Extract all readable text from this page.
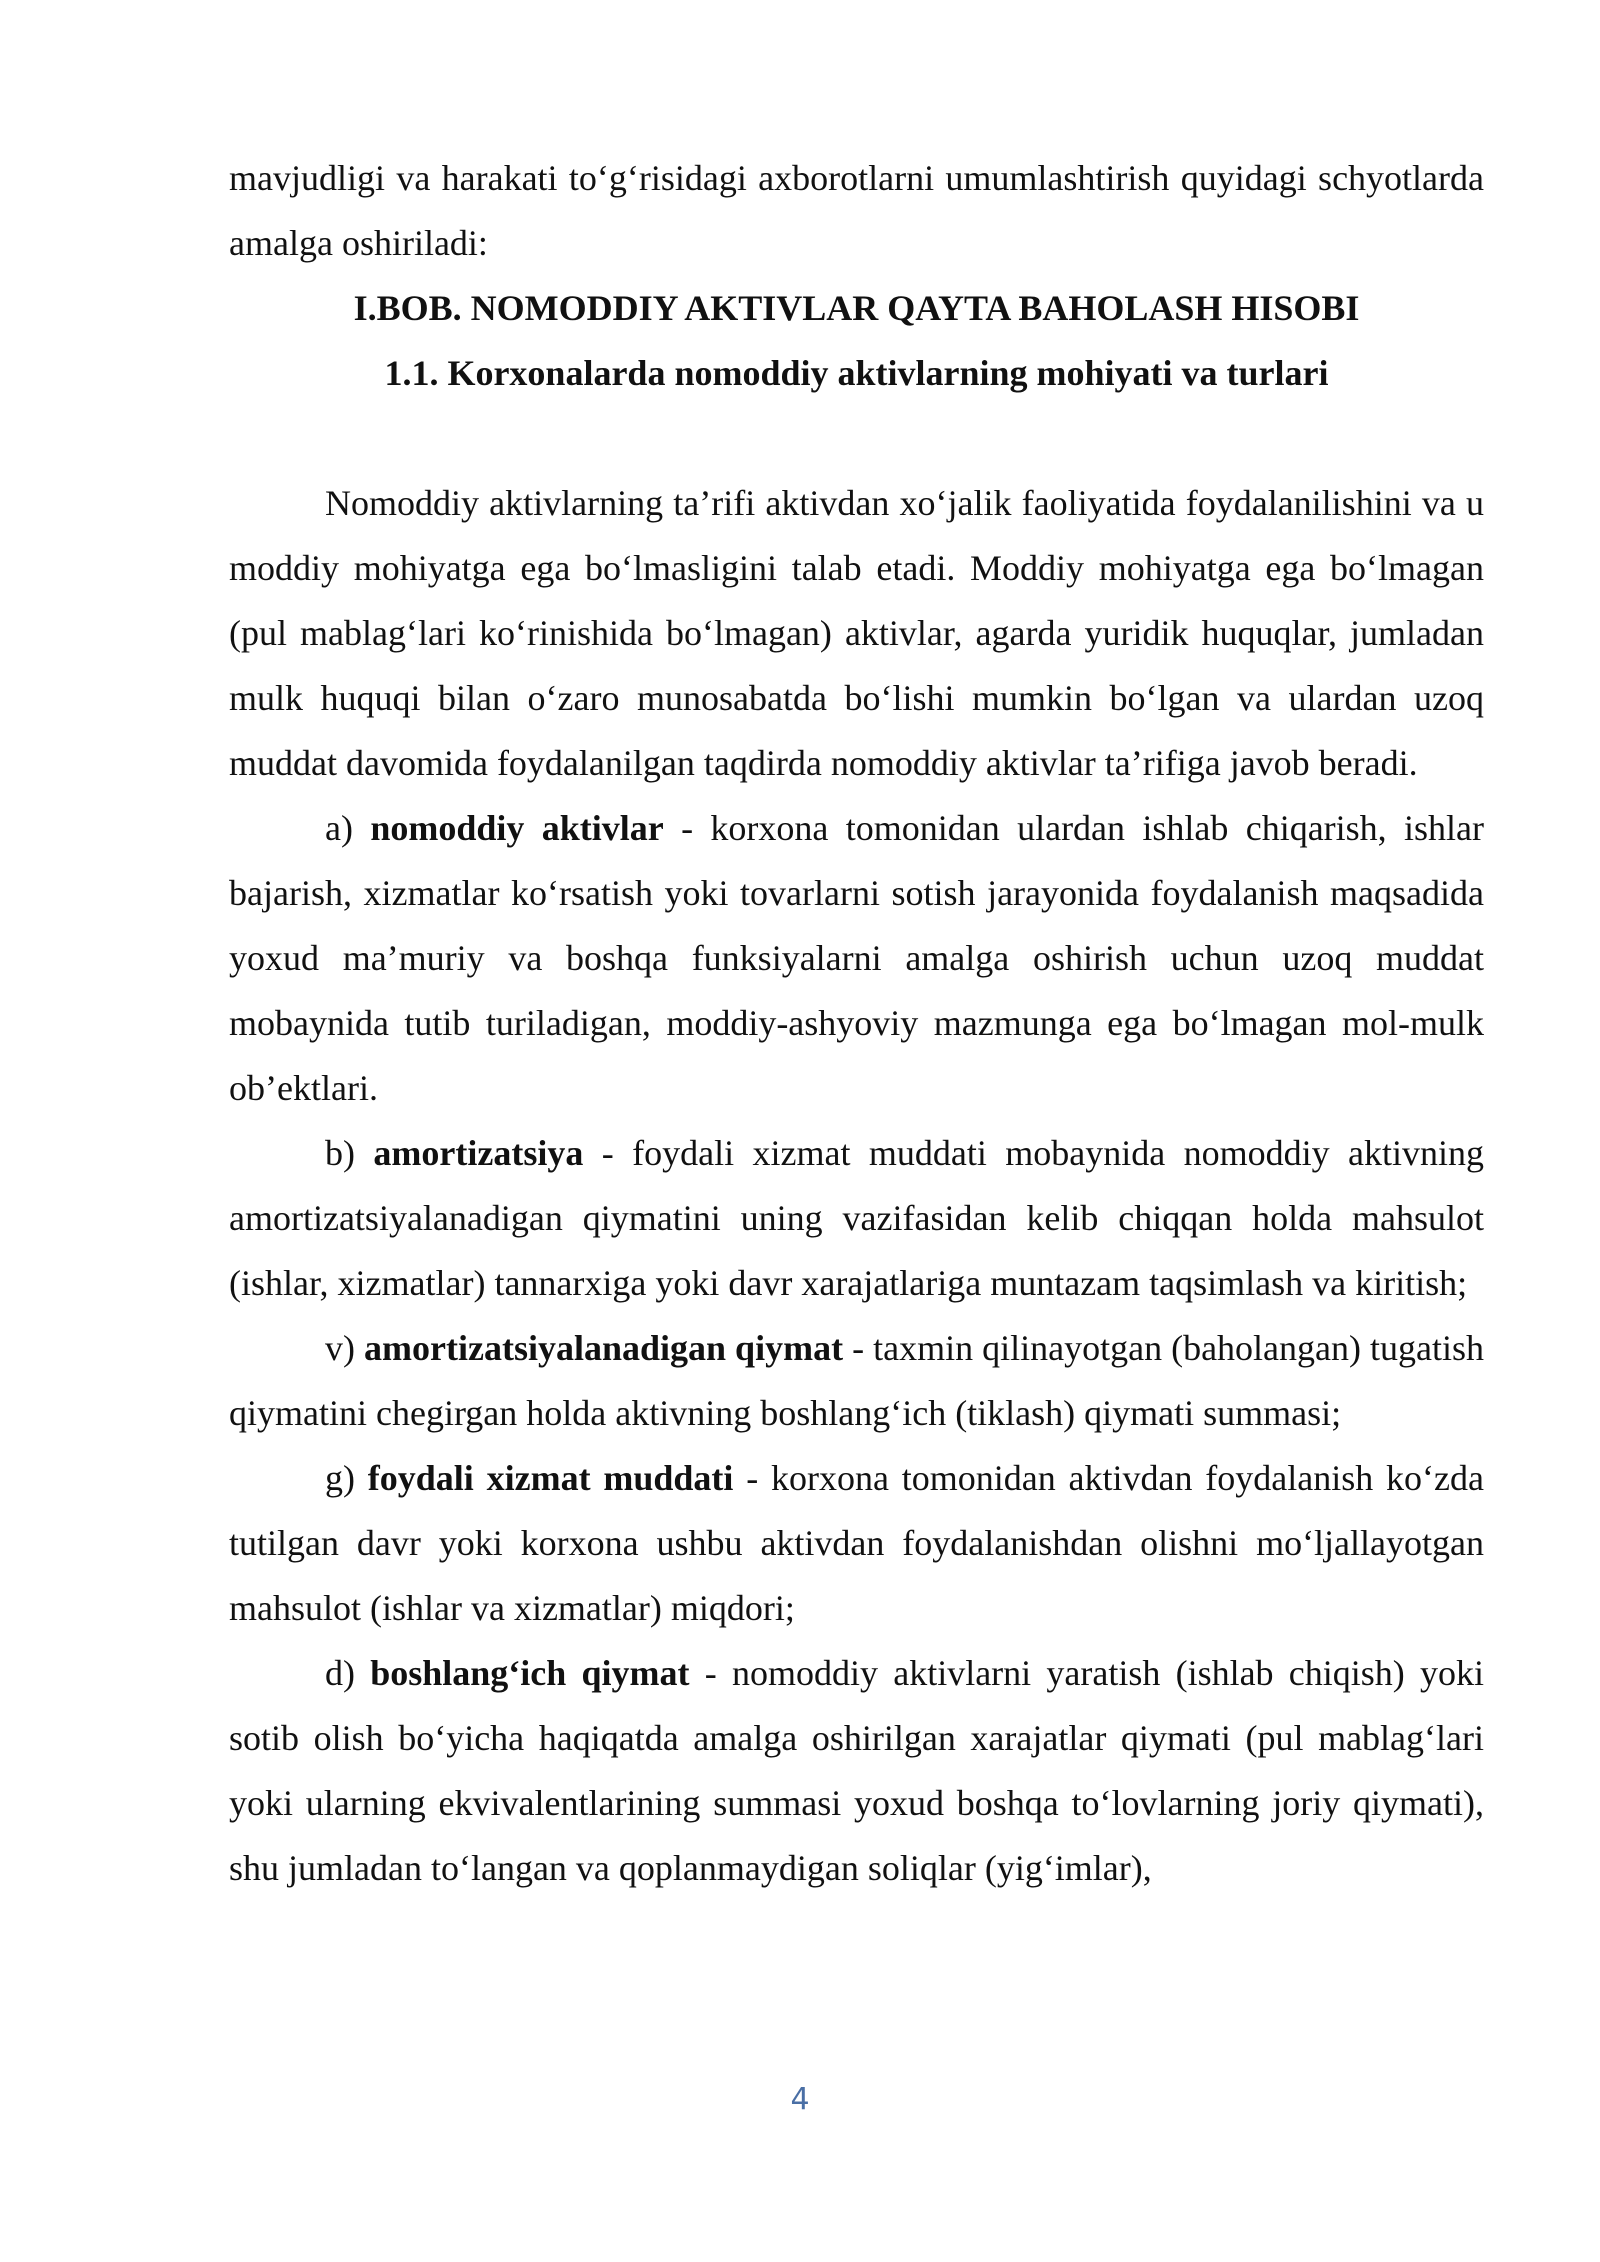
mavjudligi va harakati to‘g‘risidagi axborotlarni umumlashtirish quyidagi schyotlarda amalga oshiriladi:

I.BOB. NOMODDIY AKTIVLAR QAYTA BAHOLASH HISOBI
1.1. Korxonalarda nomoddiy aktivlarning mohiyati va turlari

Nomoddiy aktivlarning ta’rifi aktivdan xo‘jalik faoliyatida foydalanilishini va u moddiy mohiyatga ega bo‘lmasligini talab etadi. Moddiy mohiyatga ega bo‘lmagan (pul mablag‘lari ko‘rinishida bo‘lmagan) aktivlar, agarda yuridik huquqlar, jumladan mulk huquqi bilan o‘zaro munosabatda bo‘lishi mumkin bo‘lgan va ulardan uzoq muddat davomida foydalanilgan taqdirda nomoddiy aktivlar ta’rifiga javob beradi.

a) nomoddiy aktivlar - korxona tomonidan ulardan ishlab chiqarish, ishlar bajarish, xizmatlar ko‘rsatish yoki tovarlarni sotish jarayonida foydalanish maqsadida yoxud ma’muriy va boshqa funksiyalarni amalga oshirish uchun uzoq muddat mobaynida tutib turiladigan, moddiy-ashyoviy mazmunga ega bo‘lmagan mol-mulk ob’ektlari.

b) amortizatsiya - foydali xizmat muddati mobaynida nomoddiy aktivning amortizatsiyalanadigan qiymatini uning vazifasidan kelib chiqqan holda mahsulot (ishlar, xizmatlar) tannarxiga yoki davr xarajatlariga muntazam taqsimlash va kiritish;

v) amortizatsiyalanadigan qiymat - taxmin qilinayotgan (baholangan) tugatish qiymatini chegirgan holda aktivning boshlang‘ich (tiklash) qiymati summasi;

g) foydali xizmat muddati - korxona tomonidan aktivdan foydalanish ko‘zda tutilgan davr yoki korxona ushbu aktivdan foydalanishdan olishni mo‘ljallayotgan mahsulot (ishlar va xizmatlar) miqdori;

d) boshlang‘ich qiymat - nomoddiy aktivlarni yaratish (ishlab chiqish) yoki sotib olish bo‘yicha haqiqatda amalga oshirilgan xarajatlar qiymati (pul mablag‘lari yoki ularning ekvivalentlarining summasi yoxud boshqa to‘lovlarning joriy qiymati), shu jumladan to‘langan va qoplanmaydigan soliqlar (yig‘imlar),

4
